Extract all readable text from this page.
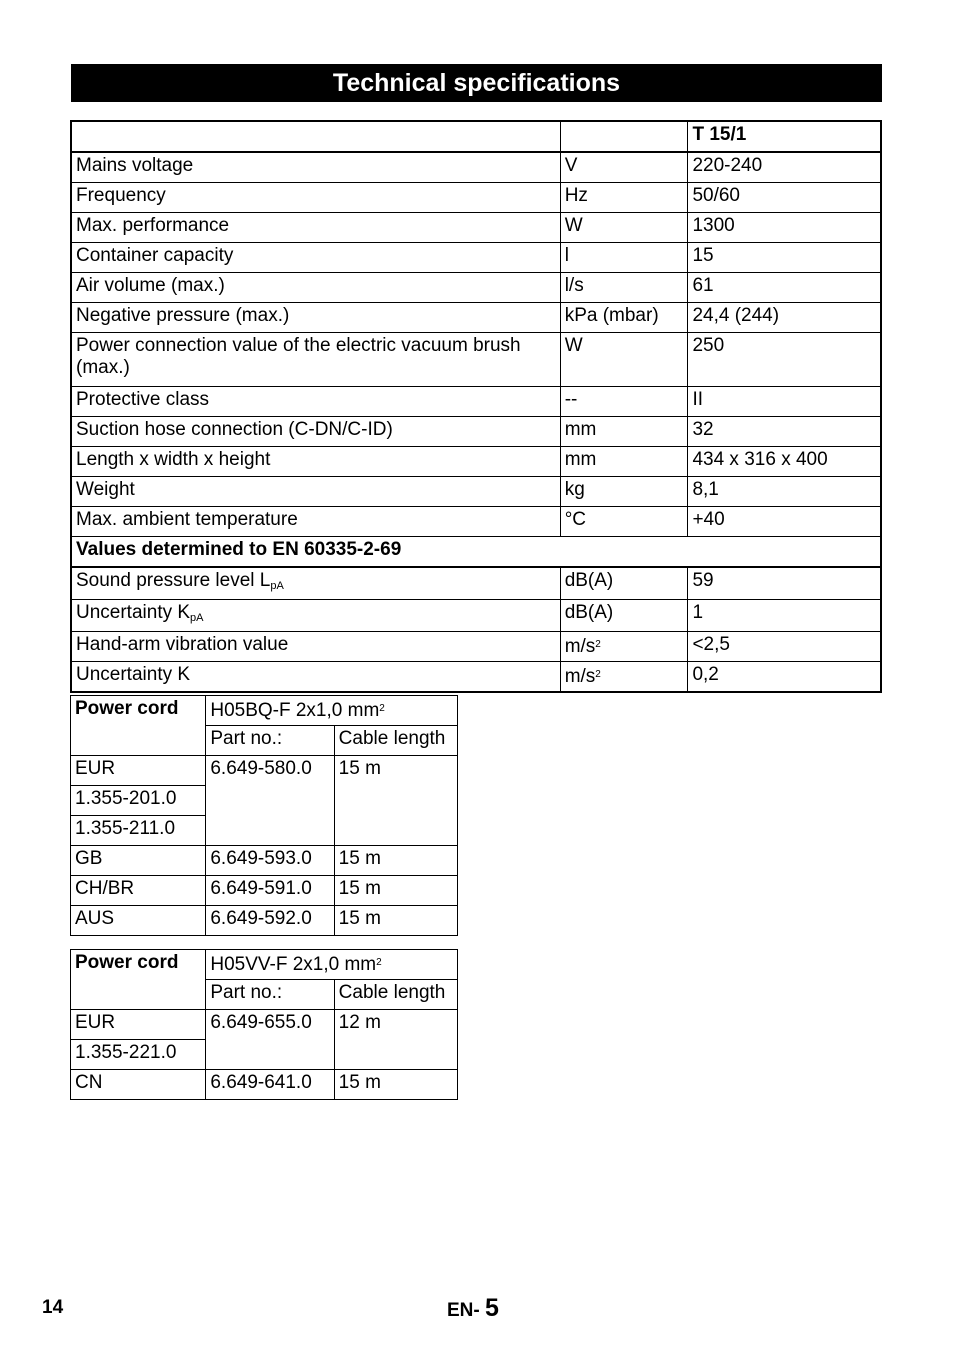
Technical specifications
		T 15/1
Mains voltage	V	220-240
Frequency	Hz	50/60
Max. performance	W	1300
Container capacity	l	15
Air volume (max.)	l/s	61
Negative pressure (max.)	kPa (mbar)	24,4 (244)
Power connection value of the electric vacuum brush (max.)	W	250
Protective class	--	II
Suction hose connection (C-DN/C-ID)	mm	32
Length x width x height	mm	434 x 316 x 400
Weight	kg	8,1
Max. ambient temperature	°C	+40
Values determined to EN 60335-2-69		
Sound pressure level $L_{pA}$	dB(A)	59
Uncertainty $K_{pA}$	dB(A)	1
Hand-arm vibration value	$m/s^2$	<2,5
Uncertainty K	$m/s^2$	0,2
Power cord	H05BQ-F 2x1,0 $mm^2$
	Part no.:	Cable length
EUR	6.649-580.0	15 m
1.355-201.0		
1.355-211.0		
GB	6.649-593.0	15 m
CH/BR	6.649-591.0	15 m
AUS	6.649-592.0	15 m
Power cord	H05VV-F 2x1,0 $mm^2$
	Part no.:	Cable length
EUR	6.649-655.0	12 m
1.355-221.0		
CN	6.649-641.0	15 m
14	EN- 5
